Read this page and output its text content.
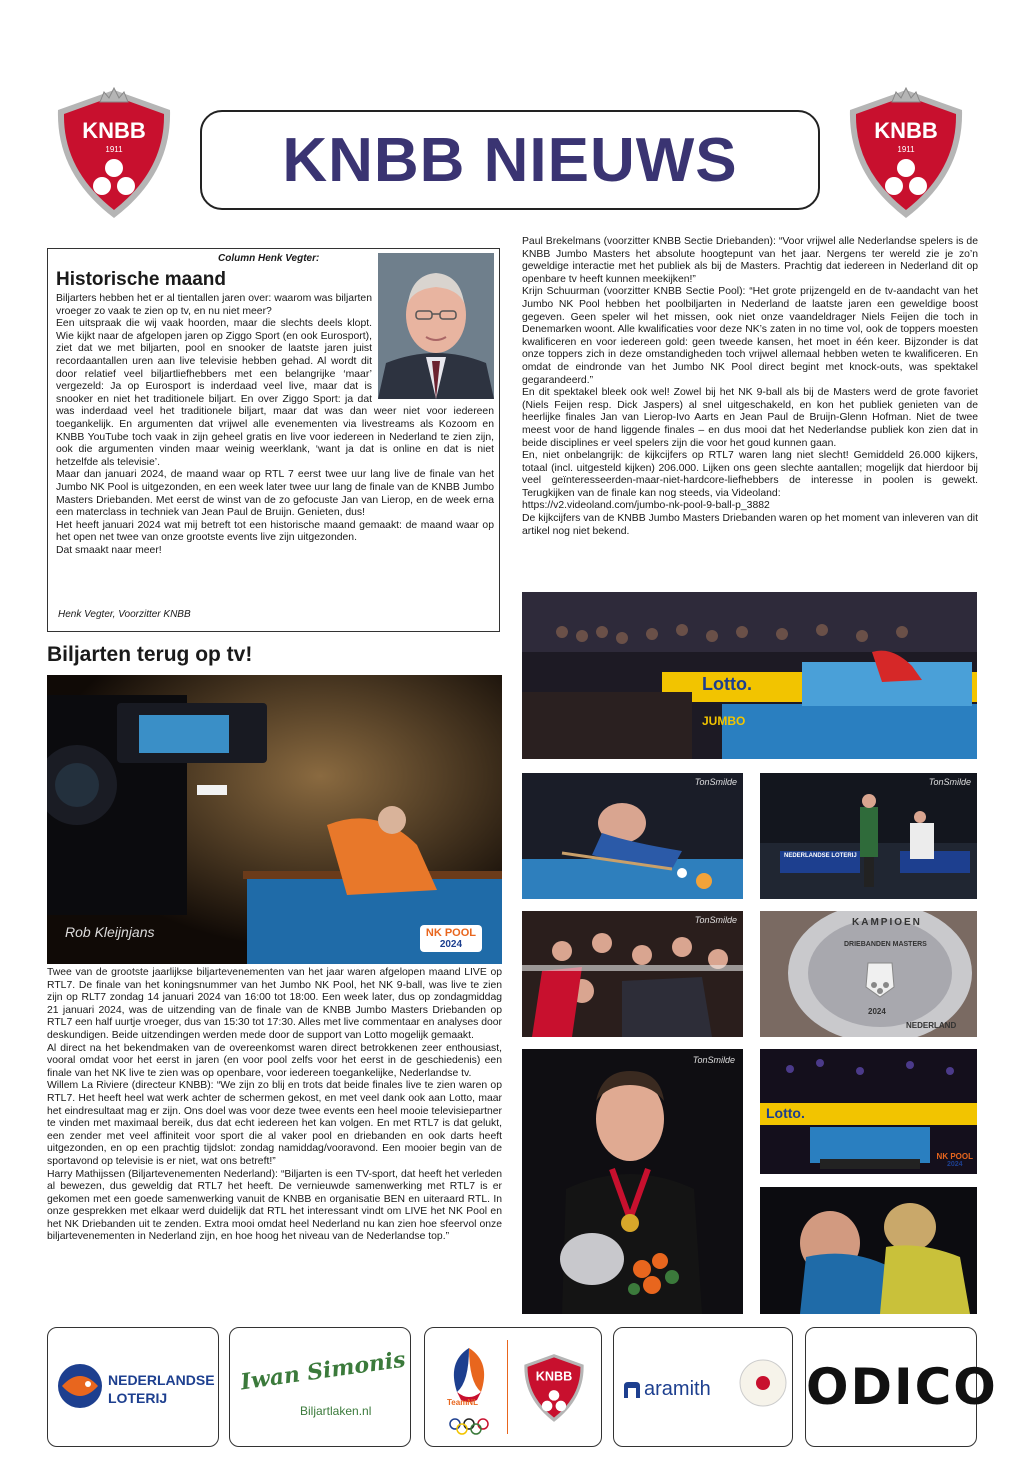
KNBB
1911	KNBB NIEUWS	KNBB
1911
Column Henk Vegter:
Historische maand

Biljarters hebben het er al tientallen jaren over: waarom was biljarten vroeger zo vaak te zien op tv, en nu niet meer?

Een uitspraak die wij vaak hoorden, maar die slechts deels klopt. Wie kijkt naar de afgelopen jaren op Ziggo Sport (en ook Eurosport), ziet dat we met biljarten, pool en snooker de laatste jaren juist recordaantallen uren aan live televisie hebben gehad. Al wordt dit door relatief veel biljartliefhebbers met een belangrijke ‘maar’ vergezeld: Ja op Eurosport is inderdaad veel live, maar dat is snooker en niet het traditionele biljart. En over Ziggo Sport: ja dat was inderdaad veel het traditionele biljart, maar dat was dan weer niet voor iedereen toegankelijk. En argumenten dat vrijwel alle evenementen via livestreams als Kozoom en KNBB YouTube toch vaak in zijn geheel gratis en live voor iedereen in Nederland te zien zijn, ook die argumenten vinden maar weinig weerklank, ‘want ja dat is online en dat is niet hetzelfde als televisie’.

Maar dan januari 2024, de maand waar op RTL 7 eerst twee uur lang live de finale van het Jumbo NK Pool is uitgezonden, en een week later twee uur lang de finale van de KNBB Jumbo Masters Driebanden. Met eerst de winst van de zo gefocuste Jan van Lierop, en de week erna een materclass in techniek van Jean Paul de Bruijn. Genieten, dus!

Het heeft januari 2024 wat mij betreft tot een historische maand gemaakt: de maand waar op het open net twee van onze grootste events live zijn uitgezonden.

Dat smaakt naar meer!

Henk Vegter, Voorzitter KNBB

Paul Brekelmans (voorzitter KNBB Sectie Driebanden): “Voor vrijwel alle Nederlandse spelers is de KNBB Jumbo Masters het absolute hoogtepunt van het jaar. Nergens ter wereld zie je zo’n geweldige interactie met het publiek als bij de Masters. Prachtig dat iedereen in Nederland dit op openbare tv heeft kunnen meekijken!”

Krijn Schuurman (voorzitter KNBB Sectie Pool): “Het grote prijzengeld en de tv-aandacht van het Jumbo NK Pool hebben het poolbiljarten in Nederland de laatste jaren een geweldige boost gegeven. Geen speler wil het missen, ook niet onze vaandeldrager Niels Feijen die toch in Denemarken woont. Alle kwalificaties voor deze NK’s zaten in no time vol, ook de toppers moesten kwalificeren en voor iedereen gold: geen tweede kansen, het moet in één keer. Bijzonder is dat onze toppers zich in deze omstandigheden toch vrijwel allemaal hebben weten te kwalificeren. En omdat de eindronde van het Jumbo NK Pool direct begint met knock-outs, was spektakel gegarandeerd.”

En dit spektakel bleek ook wel! Zowel bij het NK 9-ball als bij de Masters werd de grote favoriet (Niels Feijen resp. Dick Jaspers) al snel uitgeschakeld, en kon het publiek genieten van de heerlijke finales Jan van Lierop-Ivo Aarts en Jean Paul de Bruijn-Glenn Hofman. Niet de twee meest voor de hand liggende finales – en dus mooi dat het Nederlandse publiek kon zien dat in beide disciplines er veel spelers zijn die voor het goud kunnen gaan.

En, niet onbelangrijk: de kijkcijfers op RTL7 waren lang niet slecht! Gemiddeld 26.000 kijkers, totaal (incl. uitgesteld kijken) 206.000. Lijken ons geen slechte aantallen; mogelijk dat hierdoor bij veel geïnteresseerden-maar-niet-hardcore-liefhebbers de interesse in poolen is gewekt. Terugkijken van de finale kan nog steeds, via Videoland:

https://v2.videoland.com/jumbo-nk-pool-9-ball-p_3882

De kijkcijfers van de KNBB Jumbo Masters Driebanden waren op het moment van inleveren van dit artikel nog niet bekend.

Biljarten terug op tv!
Rob Kleijnjans	NK POOL
2024

Twee van de grootste jaarlijkse biljartevenementen van het jaar waren afgelopen maand LIVE op RTL7. De finale van het koningsnummer van het Jumbo NK Pool, het NK 9-ball, was live te zien zijn op RLT7 zondag 14 januari 2024 van 16:00 tot 18:00. Een week later, dus op zondagmiddag 21 januari 2024, was de uitzending van de finale van de KNBB Jumbo Masters Driebanden op RTL7 een half uurtje vroeger, dus van 15:30 tot 17:30. Alles met live commentaar en analyses door deskundigen. Beide uitzendingen werden mede door de support van Lotto mogelijk gemaakt.

Al direct na het bekendmaken van de overeenkomst waren direct betrokkenen zeer enthousiast, vooral omdat voor het eerst in jaren (en voor pool zelfs voor het eerst in de geschiedenis) een finale van het NK live te zien was op openbare, voor iedereen toegankelijke, Nederlandse tv.

Willem La Riviere (directeur KNBB): “We zijn zo blij en trots dat beide finales live te zien waren op RTL7. Het heeft heel wat werk achter de schermen gekost, en met veel dank ook aan Lotto, maar het eindresultaat mag er zijn. Ons doel was voor deze twee events een heel mooie televisiepartner te vinden met maximaal bereik, dus dat echt iedereen het kan volgen. En met RTL7 is dat gelukt, een zender met veel affiniteit voor sport die al vaker pool en driebanden en ook darts heeft uitgezonden, en op een prachtig tijdslot: zondag namiddag/vooravond. Een mooier begin van de sportavond op televisie is er niet, wat ons betreft!”

Harry Mathijssen (Biljartevenementen Nederland): “Biljarten is een TV-sport, dat heeft het verleden al bewezen, dus geweldig dat RTL7 het heeft. De vernieuwde samenwerking met RTL7 is er gekomen met een goede samenwerking vanuit de KNBB en organisatie BEN en uiteraard RTL. In onze gesprekken met elkaar werd duidelijk dat RTL het interessant vindt om LIVE het NK Pool en het NK Driebanden uit te zenden. Extra mooi omdat heel Nederland nu kan zien hoe sfeervol onze biljartevenementen in Nederland zijn, en hoe hoog het niveau van de Nederlandse top.”

Lotto.
JUMBO
TonSmilde
NEDERLANDSE LOTERIJ
TonSmilde
TonSmilde	KAMPIOEN
DRIEBANDEN MASTERS
2024
NEDERLAND
TonSmilde
Lotto.
NK POOL
2024
NEDERLANDSE
LOTERIJ
Iwan Simonis
Biljartlaken.nl
TeamNL
KNBB
aramith ODICO
